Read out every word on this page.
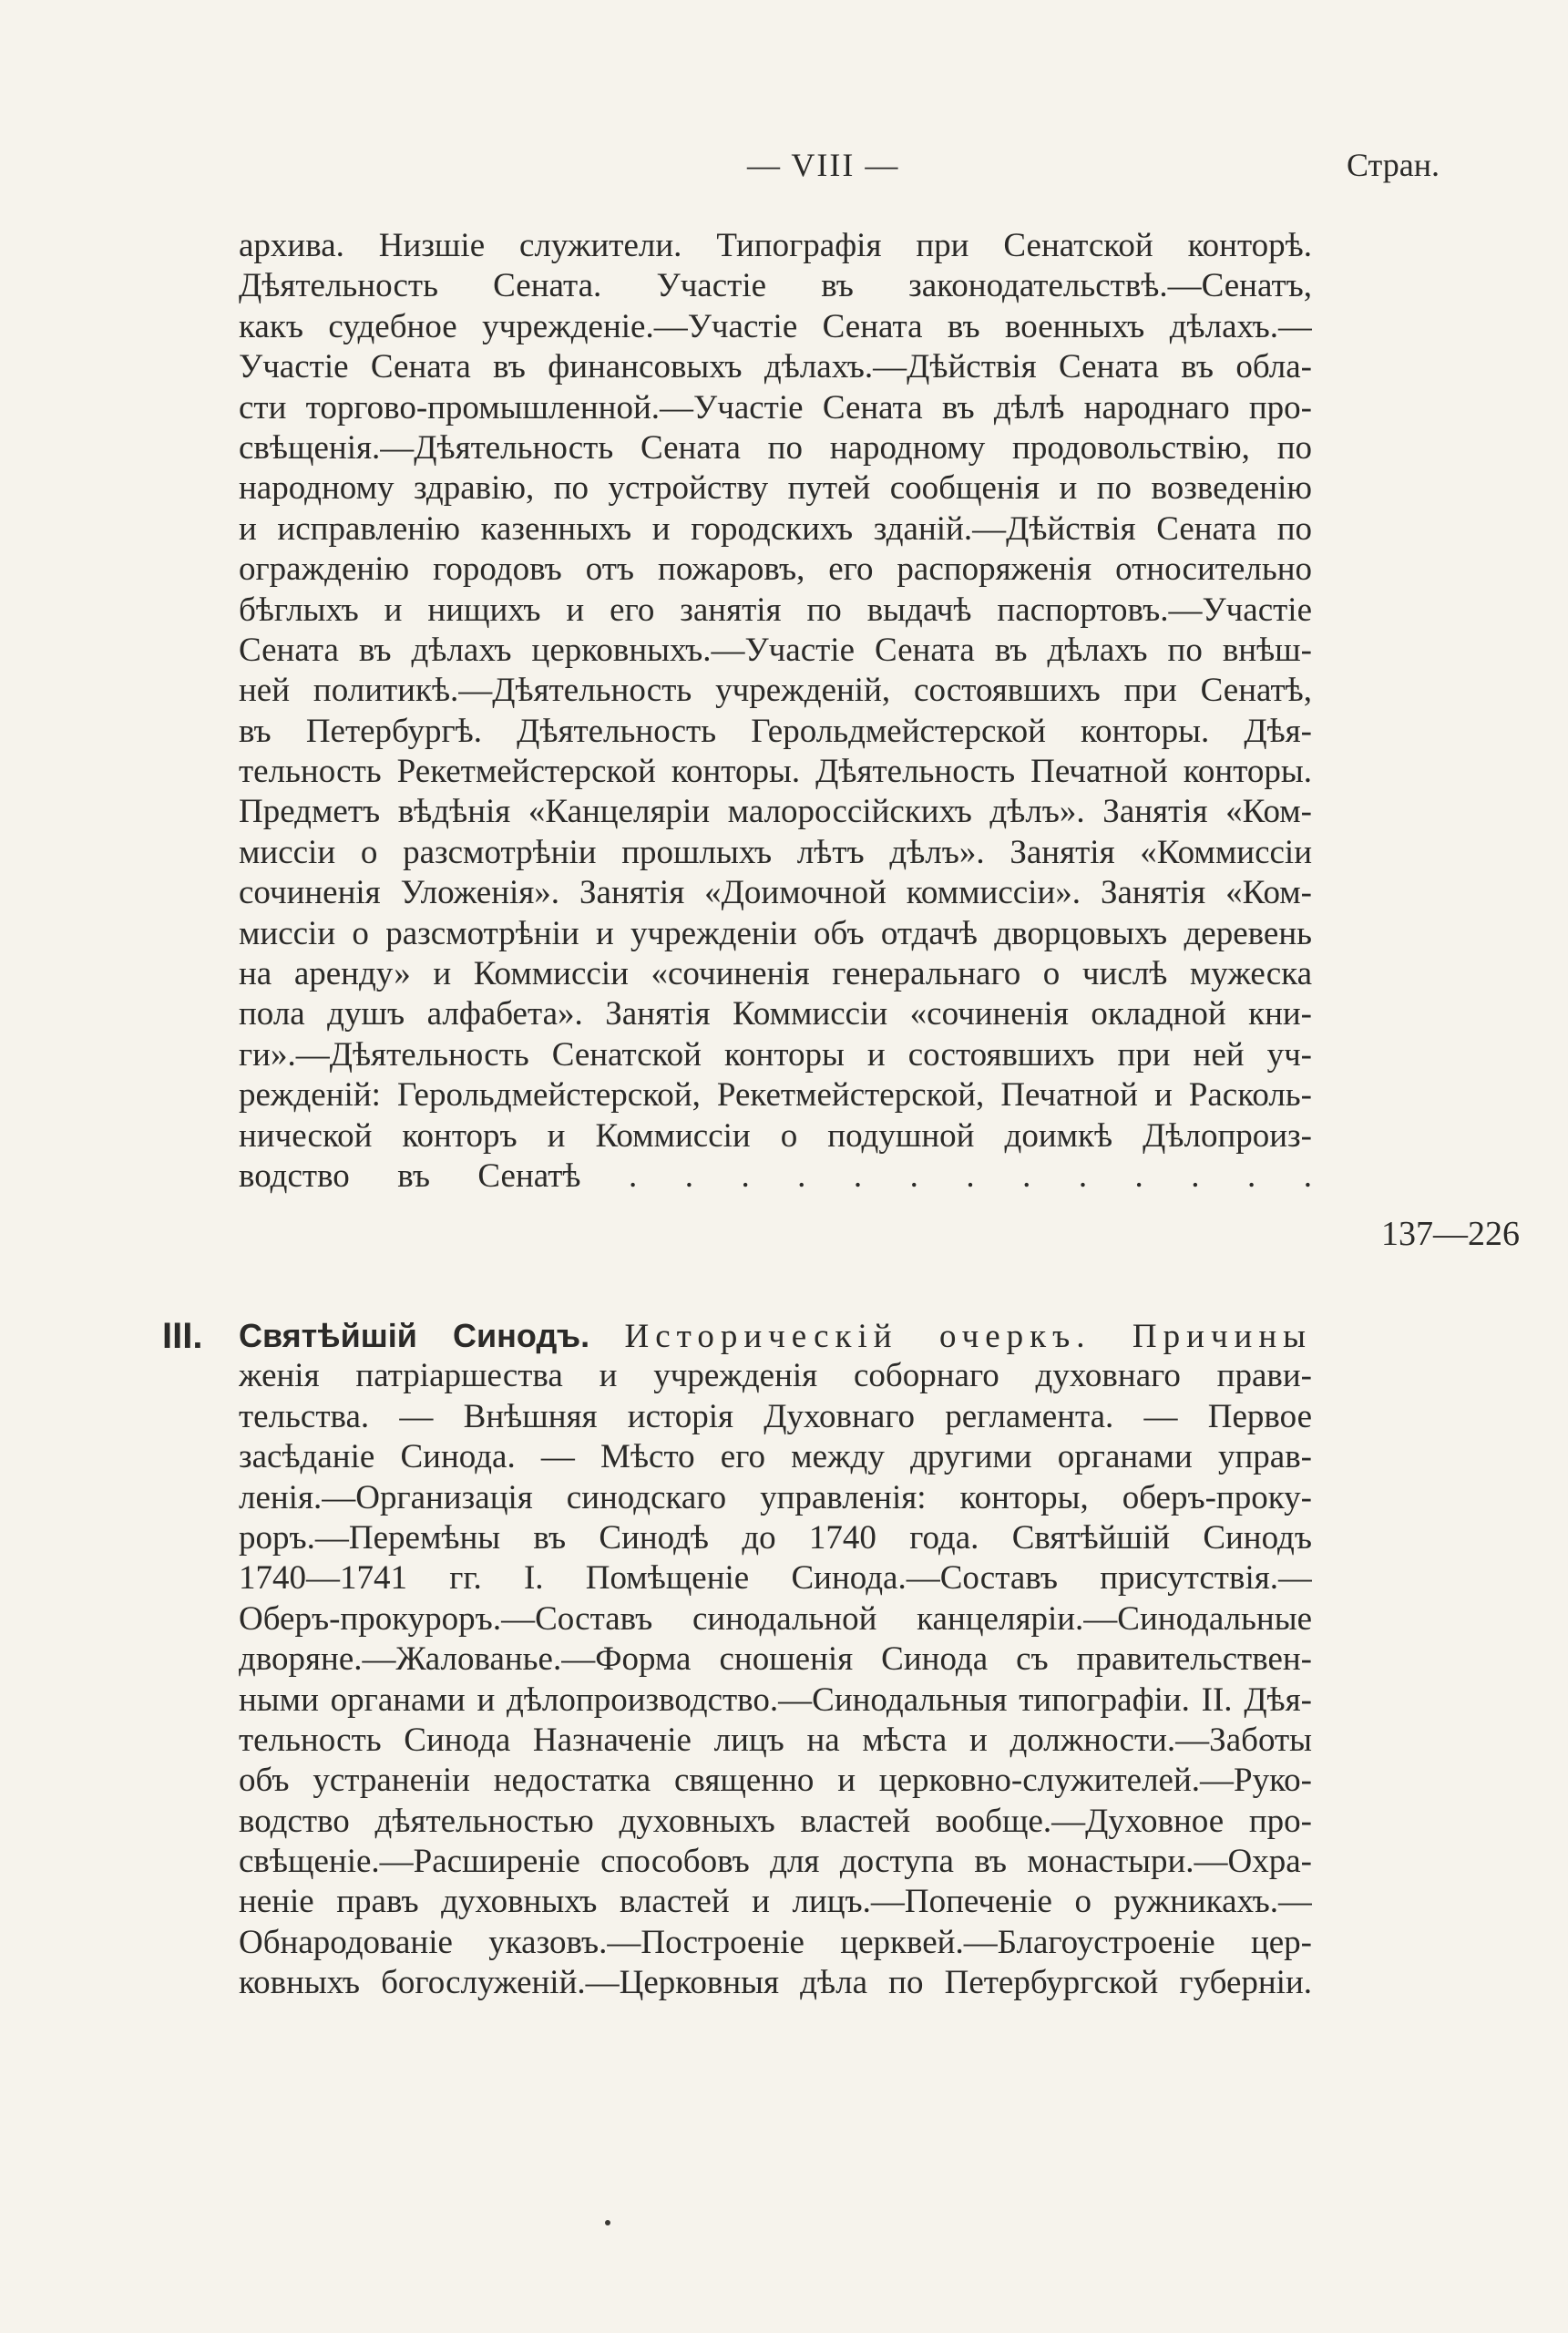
— VIII —	Стран.
архива. Низшіе служители. Типографія при Сенатской конторѣ.
Дѣятельность Сената. Участіе въ законодательствѣ.—Сенатъ,
какъ судебное учрежденіе.—Участіе Сената въ военныхъ дѣлахъ.—
Участіе Сената въ финансовыхъ дѣлахъ.—Дѣйствія Сената въ обла-
сти торгово-промышленной.—Участіе Сената въ дѣлѣ народнаго про-
свѣщенія.—Дѣятельность Сената по народному продовольствію, по
народному здравію, по устройству путей сообщенія и по возведенію
и исправленію казенныхъ и городскихъ зданій.—Дѣйствія Сената по
огражденію городовъ отъ пожаровъ, его распоряженія относительно
бѣглыхъ и нищихъ и его занятія по выдачѣ паспортовъ.—Участіе
Сената въ дѣлахъ церковныхъ.—Участіе Сената въ дѣлахъ по внѣш-
ней политикѣ.—Дѣятельность учрежденій, состоявшихъ при Сенатѣ,
въ Петербургѣ. Дѣятельность Герольдмейстерской конторы. Дѣя-
тельность Рекетмейстерской конторы. Дѣятельность Печатной конторы.
Предметъ вѣдѣнія «Канцеляріи малороссійскихъ дѣлъ». Занятія «Ком-
миссіи о разсмотрѣніи прошлыхъ лѣтъ дѣлъ». Занятія «Коммиссіи
сочиненія Уложенія». Занятія «Доимочной коммиссіи». Занятія «Ком-
миссіи о разсмотрѣніи и учрежденіи объ отдачѣ дворцовыхъ деревень
на аренду» и Коммиссіи «сочиненія генеральнаго о числѣ мужеска
пола душъ алфабета». Занятія Коммиссіи «сочиненія окладной кни-
ги».—Дѣятельность Сенатской конторы и состоявшихъ при ней уч-
режденій: Герольдмейстерской, Рекетмейстерской, Печатной и Расколь-
нической конторъ и Коммиссіи о подушной доимкѣ Дѣлопроиз-
водство въ Сенатѣ . . . . . . . . . . . . .
137—226
III. Святѣйшій Синодъ. Историческій очеркъ. Причины
женія патріаршества и учрежденія соборнаго духовнаго прави-
тельства. — Внѣшняя исторія Духовнаго регламента. — Первое
засѣданіе Синода. — Мѣсто его между другими органами управ-
ленія.—Организація синодскаго управленія: конторы, оберъ-проку-
роръ.—Перемѣны въ Синодѣ до 1740 года. Святѣйшій Синодъ
1740—1741 гг. I. Помѣщеніе Синода.—Составъ присутствія.—
Оберъ-прокуроръ.—Составъ синодальной канцеляріи.—Синодальные
дворяне.—Жалованье.—Форма сношенія Синода съ правительствен-
ными органами и дѣлопроизводство.—Синодальныя типографіи. II. Дѣя-
тельность Синода Назначеніе лицъ на мѣста и должности.—Заботы
объ устраненіи недостатка священно и церковно-служителей.—Руко-
водство дѣятельностью духовныхъ властей вообще.—Духовное про-
свѣщеніе.—Расширеніе способовъ для доступа въ монастыри.—Охра-
неніе правъ духовныхъ властей и лицъ.—Попеченіе о ружникахъ.—
Обнародованіе указовъ.—Построеніе церквей.—Благоустроеніе цер-
ковныхъ богослуженій.—Церковныя дѣла по Петербургской губерніи.
